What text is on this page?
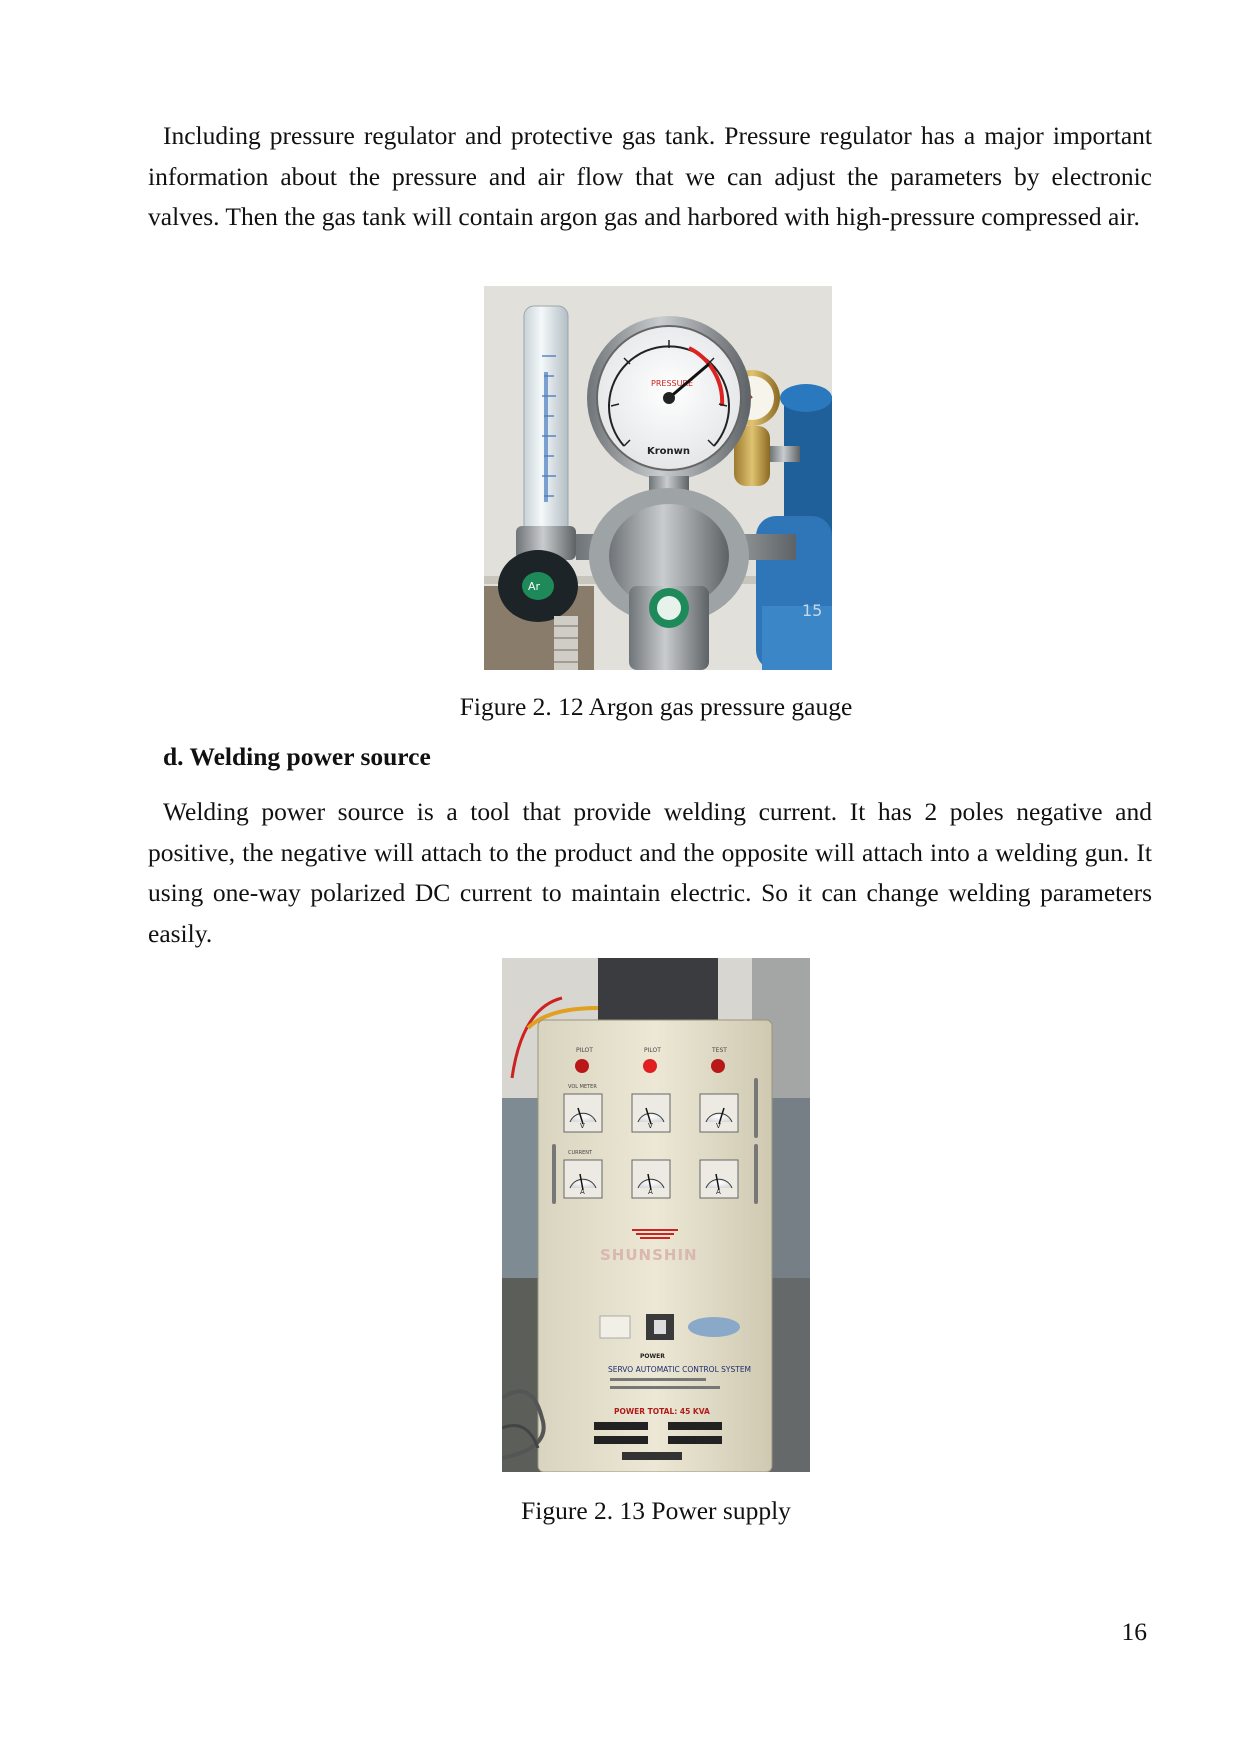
Including pressure regulator and protective gas tank. Pressure regulator has a major important information about the pressure and air flow that we can adjust the parameters by electronic valves. Then the gas tank will contain argon gas and harbored with high-pressure compressed air.

15
PRESSURE
Kronwn
Ar

Figure 2. 12 Argon gas pressure gauge

d. Welding power source

Welding power source is a tool that provide welding current. It has 2 poles negative and positive, the negative will attach to the product and the opposite will attach into a welding gun. It using one-way polarized DC current to maintain electric. So it can change welding parameters easily.

PILOT	PILOT	TEST
VOL METER
V	V	V
CURRENT
A	A	A
SHUNSHIN
POWER
SERVO AUTOMATIC CONTROL SYSTEM
POWER TOTAL: 45 KVA

Figure 2. 13 Power supply

16
